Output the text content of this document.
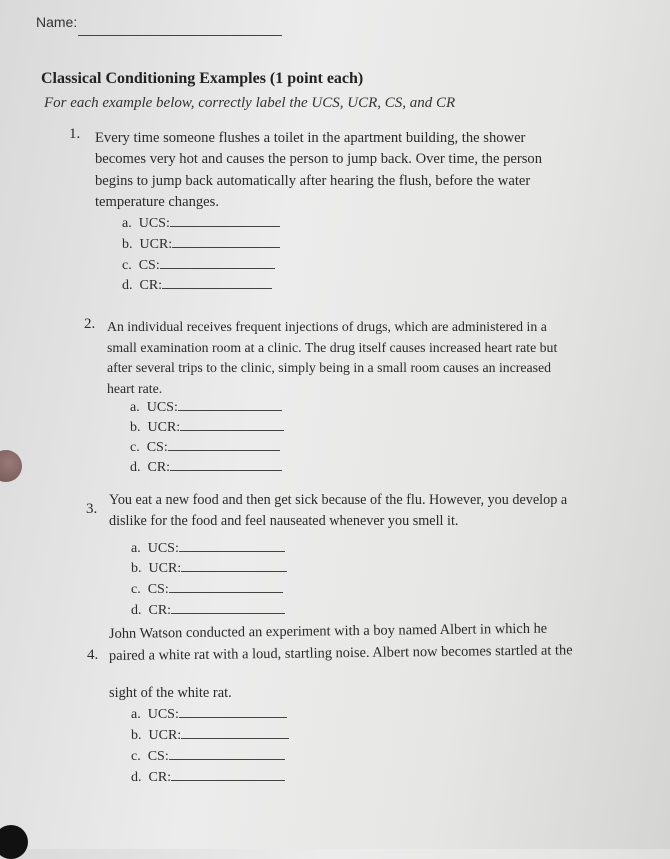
Name:
Classical Conditioning Examples (1 point each)
For each example below, correctly label the UCS, UCR, CS, and CR
1. Every time someone flushes a toilet in the apartment building, the shower
becomes very hot and causes the person to jump back. Over time, the person
begins to jump back automatically after hearing the flush, before the water
temperature changes.
a. UCS:
b. UCR:
c. CS:
d. CR:
2. An individual receives frequent injections of drugs, which are administered in a
small examination room at a clinic. The drug itself causes increased heart rate but
after several trips to the clinic, simply being in a small room causes an increased
heart rate.
a. UCS:
b. UCR:
c. CS:
d. CR:
3.
You eat a new food and then get sick because of the flu. However, you develop a
dislike for the food and feel nauseated whenever you smell it.
a. UCS:
b. UCR:
c. CS:
d. CR:
4.
John Watson conducted an experiment with a boy named Albert in which he
paired a white rat with a loud, startling noise. Albert now becomes startled at the
sight of the white rat.
a. UCS:
b. UCR:
c. CS:
d. CR:
